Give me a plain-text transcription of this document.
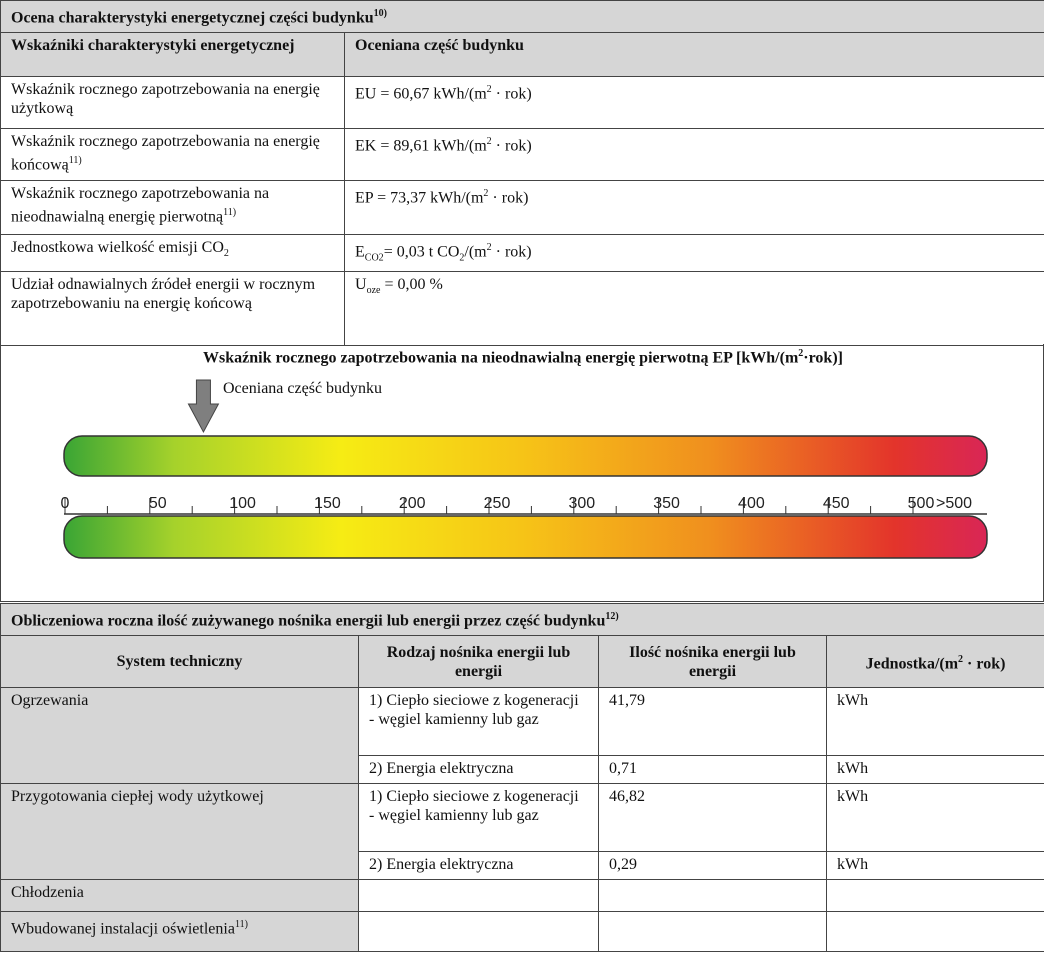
Ocena charakterystyki energetycznej części budynku$^{10)}$
Wskaźniki charakterystyki energetycznej	Oceniana część budynku
Wskaźnik rocznego zapotrzebowania na energię użytkową	EU = 60,67 kWh/$(m^2 \cdot rok)$
Wskaźnik rocznego zapotrzebowania na energię końcową$^{11)}$	EK = 89,61 kWh/$(m^2 \cdot rok)$
Wskaźnik rocznego zapotrzebowania na nieodnawialną energię pierwotną$^{11)}$	EP = 73,37 kWh/$(m^2 \cdot rok)$
Jednostkowa wielkość emisji $CO_2$	$E_{CO2}= 0,03$ t $CO_2/(m^2 \cdot rok)$
Udział odnawialnych źródeł energii w rocznym zapotrzebowaniu na energię końcową	$U_{oze} = 0,00$ %
Wskaźnik rocznego zapotrzebowania na nieodnawialną energię pierwotną EP $[kWh/(m^2\cdot rok)]$
Oceniana część budynku
0	50	100	150	200	250	300	350	400	450	500 >500
Obliczeniowa roczna ilość zużywanego nośnika energii lub energii przez część budynku$^{12)}$
System techniczny	Rodzaj nośnika energii lub energii	Ilość nośnika energii lub energii	Jednostka/$(m^2 \cdot rok)$
Ogrzewania	1) Ciepło sieciowe z kogeneracji - węgiel kamienny lub gaz	41,79	kWh
	2) Energia elektryczna	0,71	kWh
Przygotowania ciepłej wody użytkowej	1) Ciepło sieciowe z kogeneracji - węgiel kamienny lub gaz	46,82	kWh
	2) Energia elektryczna	0,29	kWh
Chłodzenia			
Wbudowanej instalacji oświetlenia$^{11)}$			
